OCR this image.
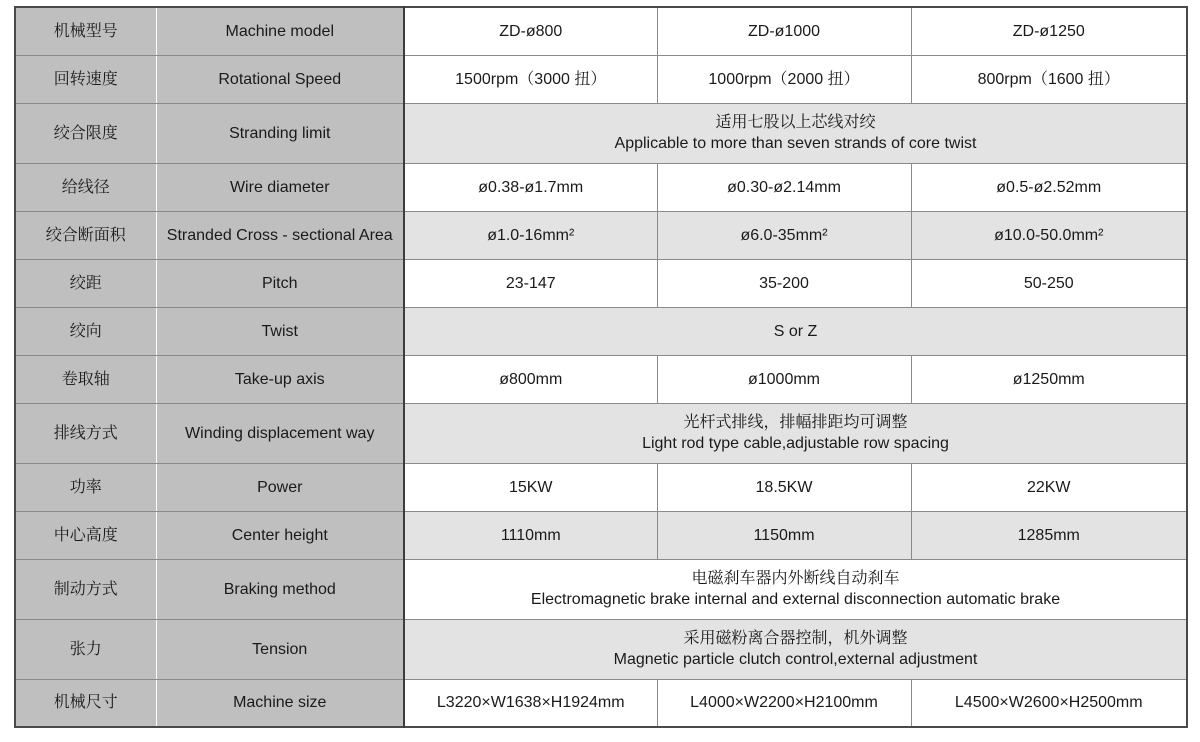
机械型号	Machine model	ZD-ø800	ZD-ø1000	ZD-ø1250
回转速度	Rotational Speed	1500rpm（3000 扭）	1000rpm（2000 扭）	800rpm（1600 扭）
绞合限度	Stranding limit	适用七股以上芯线对绞
Applicable to more than seven strands of core twist		

给线径	Wire diameter	ø0.38-ø1.7mm	ø0.30-ø2.14mm	ø0.5-ø2.52mm
绞合断面积	Stranded Cross - sectional Area	ø1.0-16mm²	ø6.0-35mm²	ø10.0-50.0mm²
绞距	Pitch	23-147	35-200	50-250
绞向	Twist	S or Z		
卷取轴	Take-up axis	ø800mm	ø1000mm	ø1250mm
排线方式	Winding displacement way	光杆式排线，排幅排距均可调整
Light rod type cable,adjustable row spacing		

功率	Power	15KW	18.5KW	22KW
中心高度	Center height	1110mm	1150mm	1285mm
制动方式	Braking method	电磁刹车器内外断线自动刹车
Electromagnetic brake internal and external disconnection automatic brake		

张力	Tension	采用磁粉离合器控制，机外调整
Magnetic particle clutch control,external adjustment		

机械尺寸	Machine size	L3220×W1638×H1924mm	L4000×W2200×H2100mm	L4500×W2600×H2500mm
